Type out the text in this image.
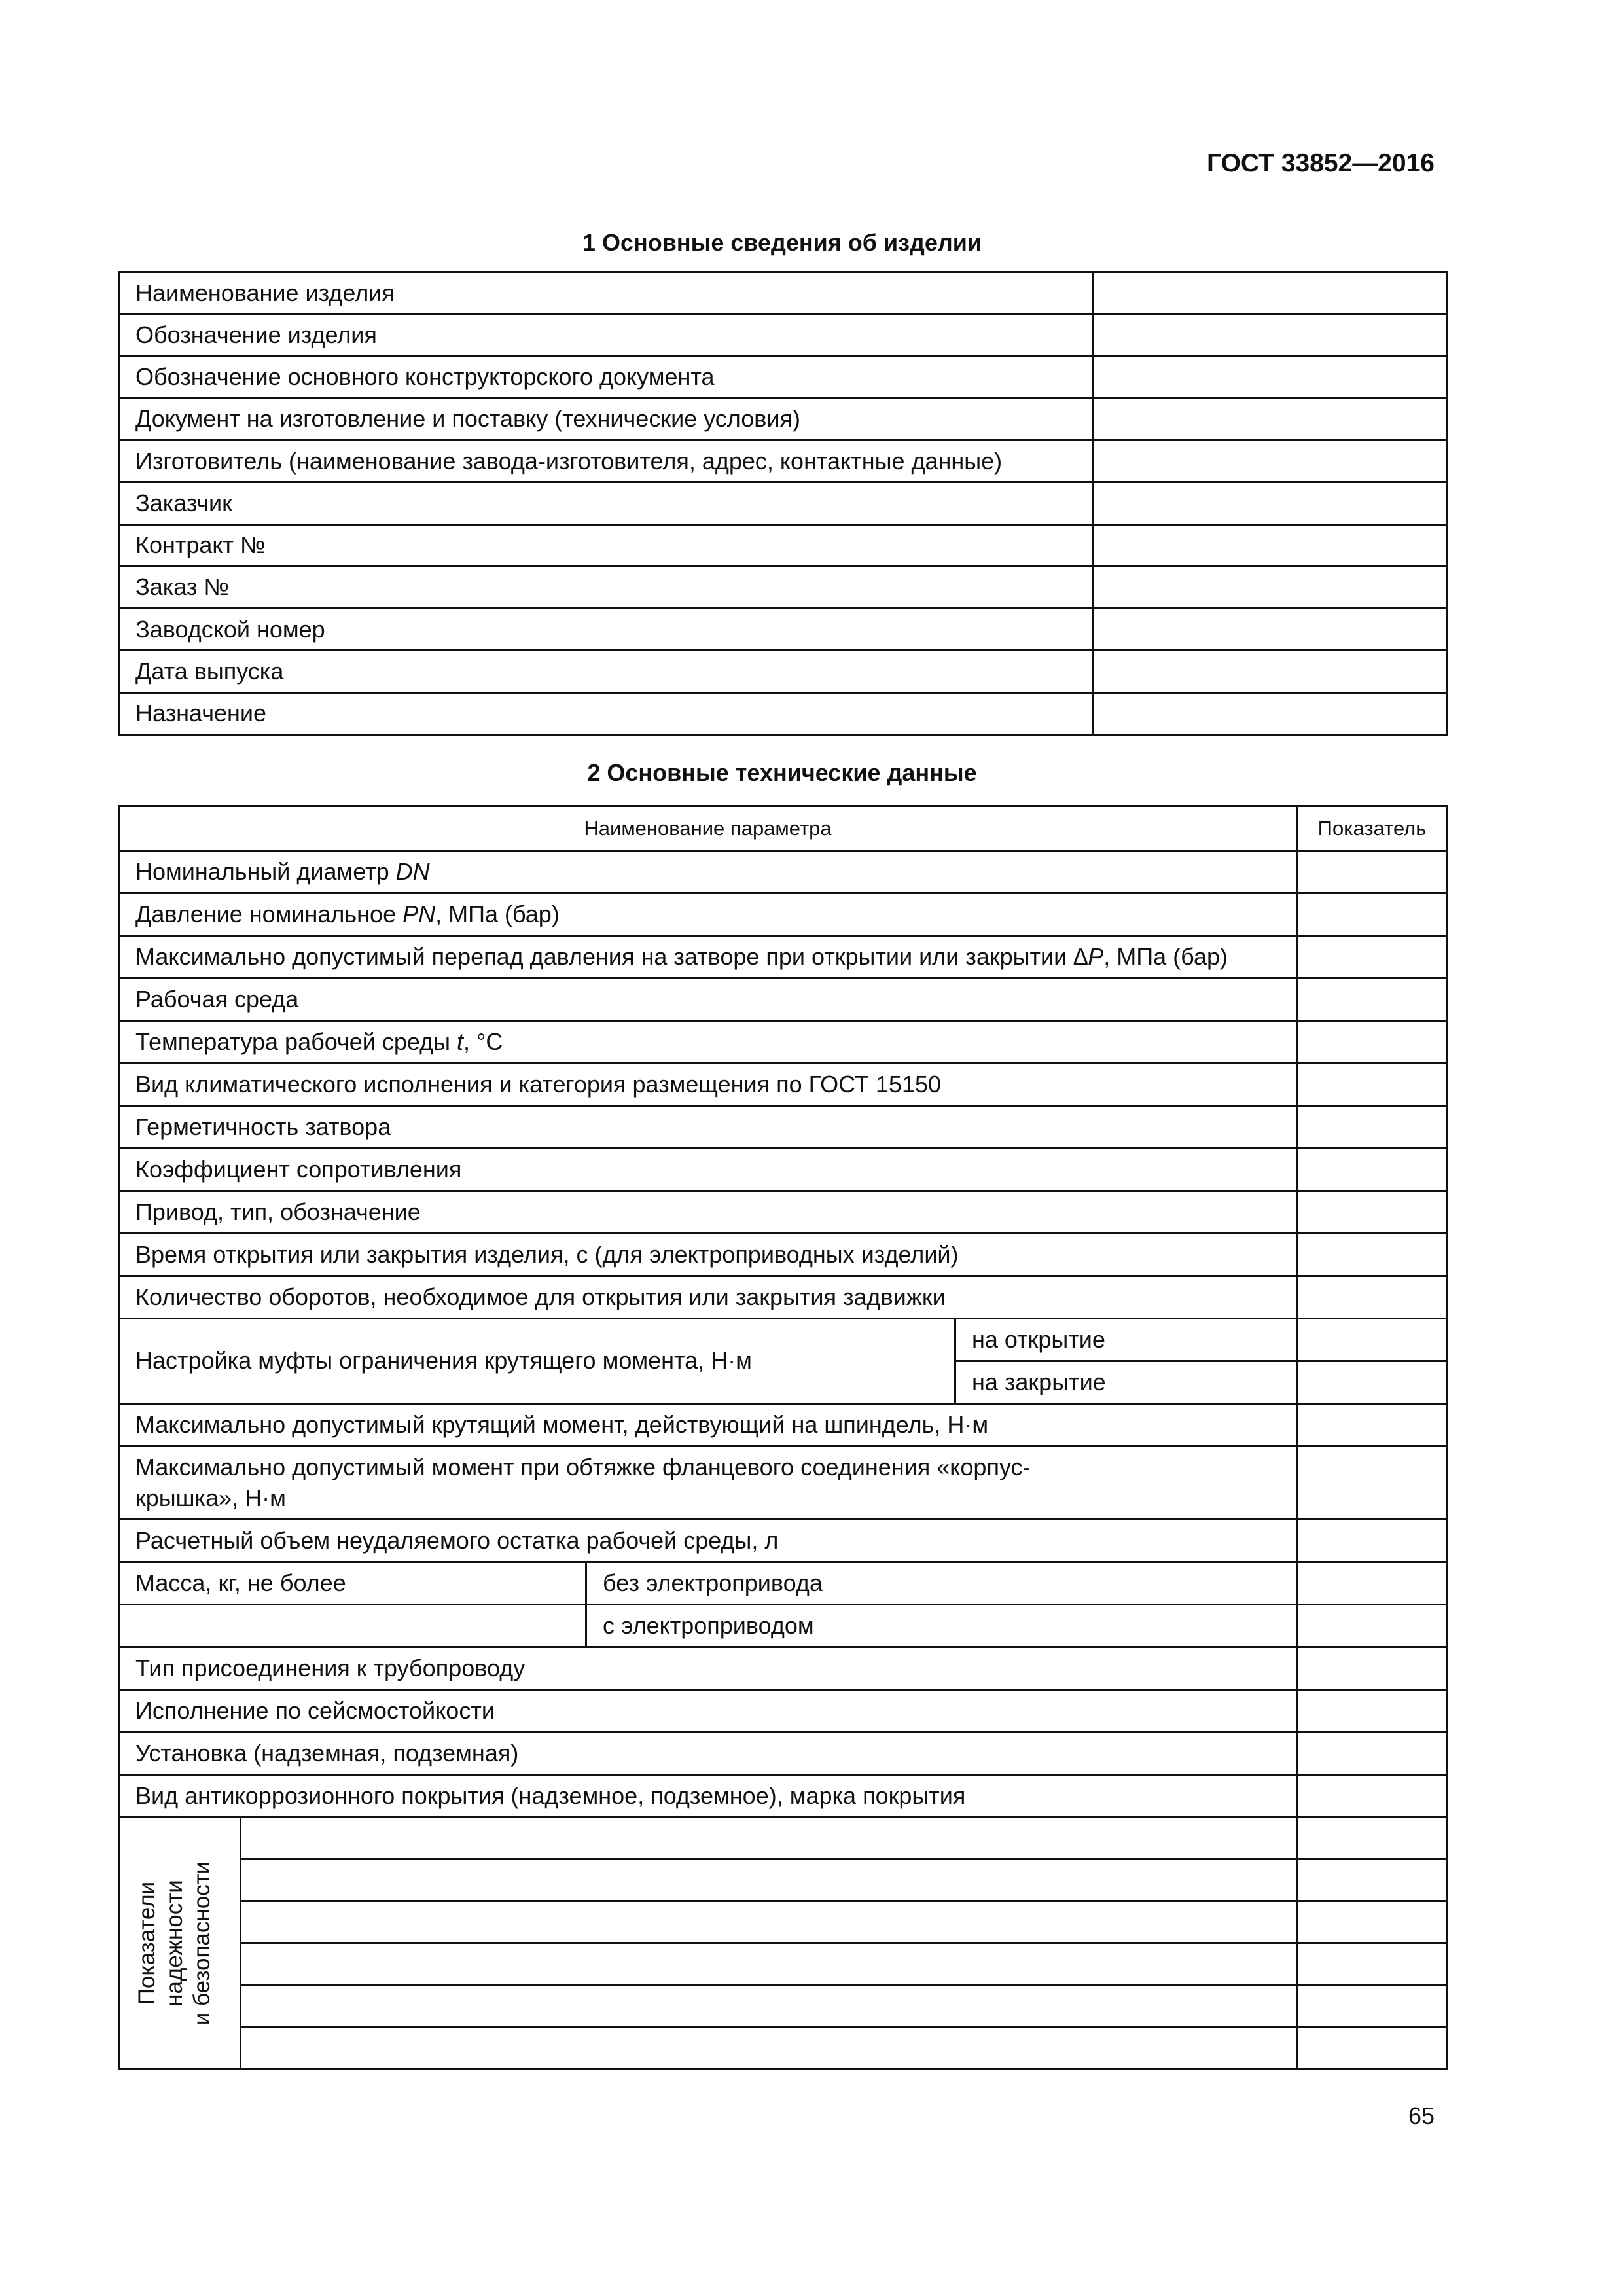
ГОСТ 33852—2016
1 Основные сведения об изделии
Наименование изделия	
Обозначение изделия	
Обозначение основного конструкторского документа	
Документ на изготовление и поставку (технические условия)	
Изготовитель (наименование завода-изготовителя, адрес, контактные данные)	
Заказчик	
Контракт №	
Заказ №	
Заводской номер	
Дата выпуска	
Назначение	
2 Основные технические данные
Наименование параметра				Показатель
Номинальный диаметр DN				
Давление номинальное PN, МПа (бар)				
Максимально допустимый перепад давления на затворе при открытии или закрытии ∆P, МПа (бар)				
Рабочая среда				
Температура рабочей среды t, °С				
Вид климатического исполнения и категория размещения по ГОСТ 15150				
Герметичность затвора				
Коэффициент сопротивления				
Привод, тип, обозначение				
Время открытия или закрытия изделия, с (для электроприводных изделий)				
Количество оборотов, необходимое для открытия или закрытия задвижки				
Настройка муфты ограничения крутящего момента, Н·м			на открытие	
			на закрытие	
Максимально допустимый крутящий момент, действующий на шпиндель, Н·м				

Максимально допустимый момент при обтяжке фланцевого соединения «корпус-крышка», Н·м				

Расчетный объем неудаляемого остатка рабочей среды, л				
Масса, кг, не более		без электропривода		
		с электроприводом		
Тип присоединения к трубопроводу				
Исполнение по сейсмостойкости				
Установка (надземная, подземная)				
Вид антикоррозионного покрытия (надземное, подземное), марка покрытия				

Показатели надежности и безопасности				

65
